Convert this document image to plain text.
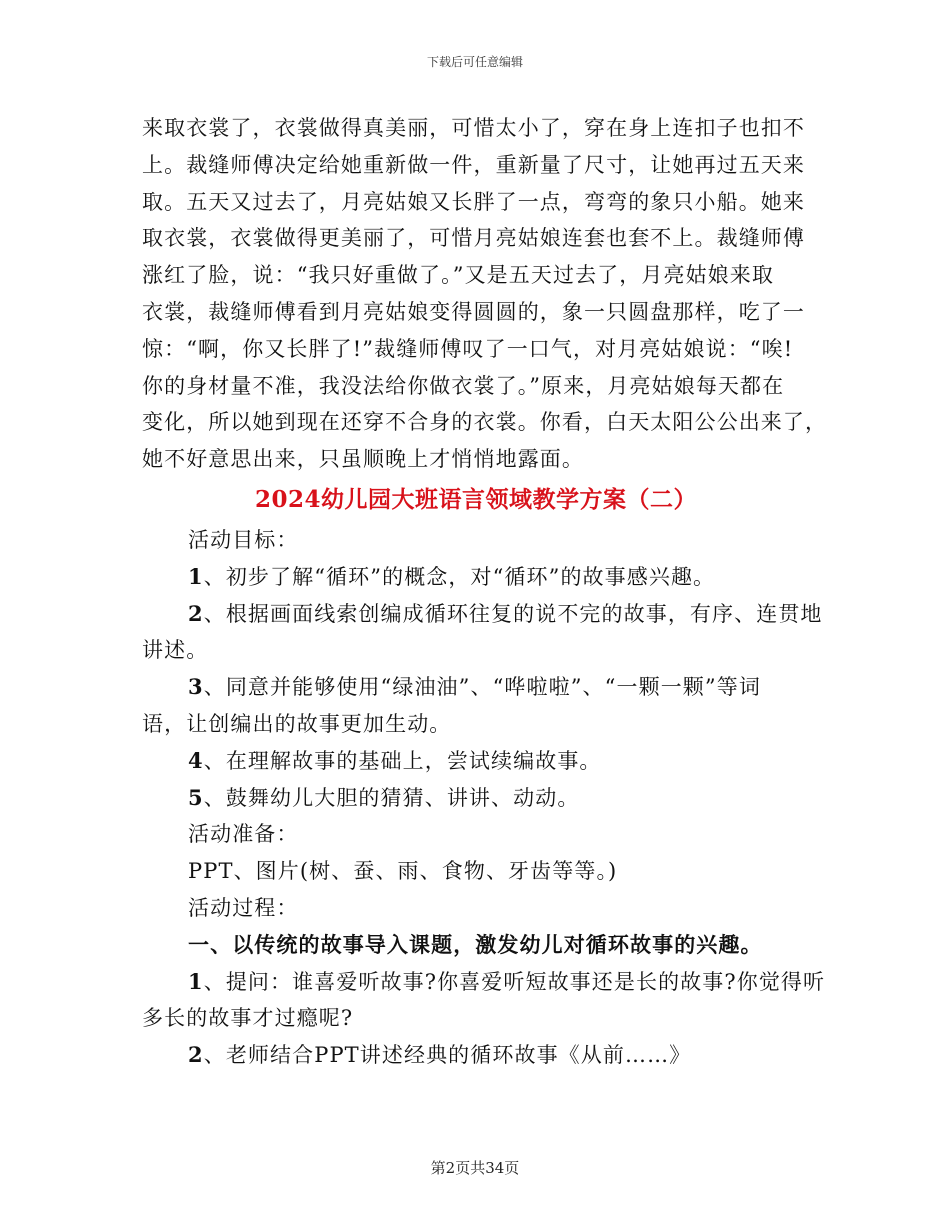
下载后可任意编辑
来取衣裳了，衣裳做得真美丽，可惜太小了，穿在身上连扣子也扣不
上。裁缝师傅决定给她重新做一件，重新量了尺寸，让她再过五天来
取。五天又过去了，月亮姑娘又长胖了一点，弯弯的象只小船。她来
取衣裳，衣裳做得更美丽了，可惜月亮姑娘连套也套不上。裁缝师傅
涨红了脸，说：“我只好重做了。”又是五天过去了，月亮姑娘来取
衣裳，裁缝师傅看到月亮姑娘变得圆圆的，象一只圆盘那样，吃了一
惊：“啊，你又长胖了!”裁缝师傅叹了一口气，对月亮姑娘说：“唉!
你的身材量不准，我没法给你做衣裳了。”原来，月亮姑娘每天都在
变化，所以她到现在还穿不合身的衣裳。你看，白天太阳公公出来了，
她不好意思出来，只虽顺晚上才悄悄地露面。
2024幼儿园大班语言领域教学方案（二）
活动目标：
1、初步了解“循环”的概念，对“循环”的故事感兴趣。
2、根据画面线索创编成循环往复的说不完的故事，有序、连贯地
讲述。
3、同意并能够使用“绿油油”、“哗啦啦”、“一颗一颗”等词
语，让创编出的故事更加生动。
4、在理解故事的基础上，尝试续编故事。
5、鼓舞幼儿大胆的猜猜、讲讲、动动。
活动准备：
PPT、图片(树、蚕、雨、食物、牙齿等等。)
活动过程：
一、以传统的故事导入课题，激发幼儿对循环故事的兴趣。
1、提问：谁喜爱听故事?你喜爱听短故事还是长的故事?你觉得听
多长的故事才过瘾呢?
2、老师结合PPT讲述经典的循环故事《从前……》
第2页共34页
